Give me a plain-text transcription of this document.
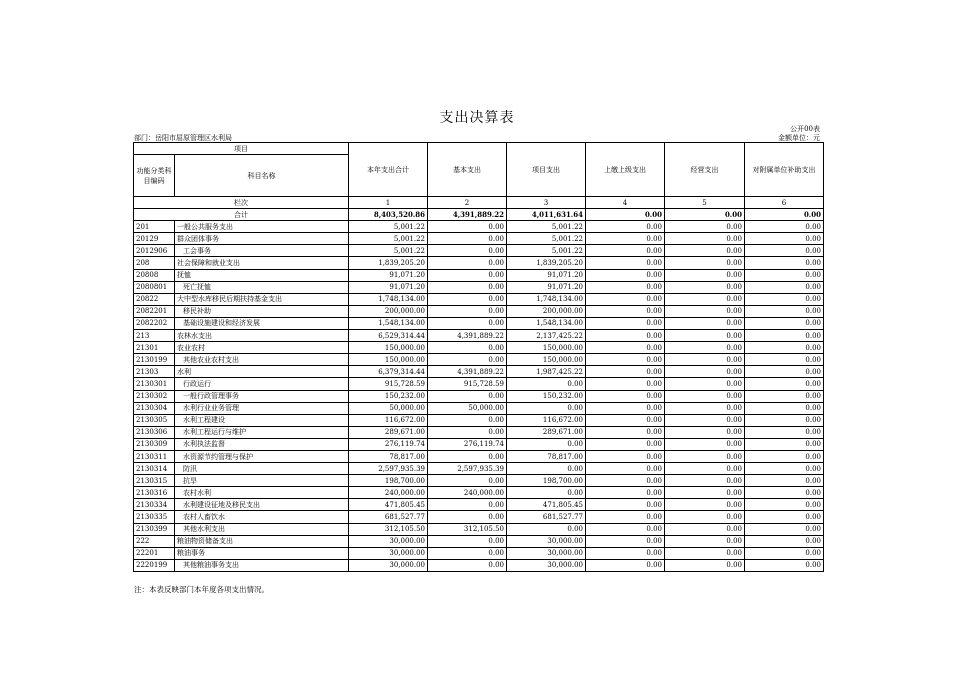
支出决算表
公开00表
部门：岳阳市屈原管理区水利局	金额单位：元
项目		本年支出合计	基本支出	项目支出	上缴上级支出	经营支出	对附属单位补助支出
功能分类科目编码	科目名称						
栏次		1	2	3	4	5	6
合计		8,403,520.86	4,391,889.22	4,011,631.64	0.00	0.00	0.00
201	一般公共服务支出	5,001.22	0.00	5,001.22	0.00	0.00	0.00
20129	群众团体事务	5,001.22	0.00	5,001.22	0.00	0.00	0.00
2012906	工会事务	5,001.22	0.00	5,001.22	0.00	0.00	0.00
208	社会保障和就业支出	1,839,205.20	0.00	1,839,205.20	0.00	0.00	0.00
20808	抚恤	91,071.20	0.00	91,071.20	0.00	0.00	0.00
2080801	死亡抚恤	91,071.20	0.00	91,071.20	0.00	0.00	0.00
20822	大中型水库移民后期扶持基金支出	1,748,134.00	0.00	1,748,134.00	0.00	0.00	0.00
2082201	移民补助	200,000.00	0.00	200,000.00	0.00	0.00	0.00
2082202	基础设施建设和经济发展	1,548,134.00	0.00	1,548,134.00	0.00	0.00	0.00
213	农林水支出	6,529,314.44	4,391,889.22	2,137,425.22	0.00	0.00	0.00
21301	农业农村	150,000.00	0.00	150,000.00	0.00	0.00	0.00
2130199	其他农业农村支出	150,000.00	0.00	150,000.00	0.00	0.00	0.00
21303	水利	6,379,314.44	4,391,889.22	1,987,425.22	0.00	0.00	0.00
2130301	行政运行	915,728.59	915,728.59	0.00	0.00	0.00	0.00
2130302	一般行政管理事务	150,232.00	0.00	150,232.00	0.00	0.00	0.00
2130304	水利行业业务管理	50,000.00	50,000.00	0.00	0.00	0.00	0.00
2130305	水利工程建设	116,672.00	0.00	116,672.00	0.00	0.00	0.00
2130306	水利工程运行与维护	289,671.00	0.00	289,671.00	0.00	0.00	0.00
2130309	水利执法监督	276,119.74	276,119.74	0.00	0.00	0.00	0.00
2130311	水资源节约管理与保护	78,817.00	0.00	78,817.00	0.00	0.00	0.00
2130314	防汛	2,597,935.39	2,597,935.39	0.00	0.00	0.00	0.00
2130315	抗旱	198,700.00	0.00	198,700.00	0.00	0.00	0.00
2130316	农村水利	240,000.00	240,000.00	0.00	0.00	0.00	0.00
2130334	水利建设征地及移民支出	471,805.45	0.00	471,805.45	0.00	0.00	0.00
2130335	农村人畜饮水	681,527.77	0.00	681,527.77	0.00	0.00	0.00
2130399	其他水利支出	312,105.50	312,105.50	0.00	0.00	0.00	0.00
222	粮油物资储备支出	30,000.00	0.00	30,000.00	0.00	0.00	0.00
22201	粮油事务	30,000.00	0.00	30,000.00	0.00	0.00	0.00
2220199	其他粮油事务支出	30,000.00	0.00	30,000.00	0.00	0.00	0.00
注：本表反映部门本年度各项支出情况。
